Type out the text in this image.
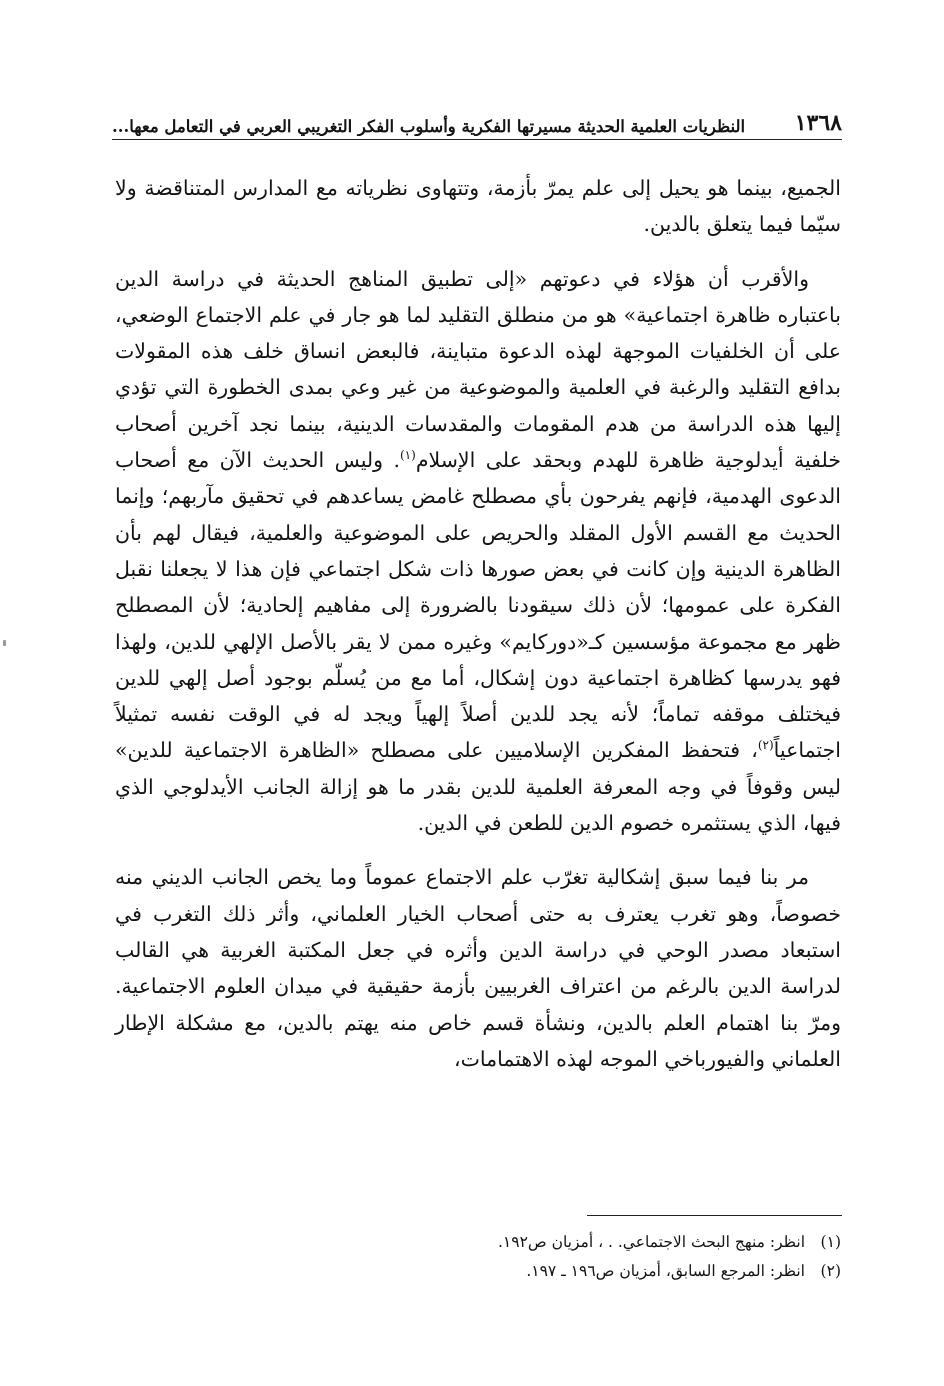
١٣٦٨
النظريات العلمية الحديثة مسيرتها الفكرية وأسلوب الفكر التغريبي العربي في التعامل معها...

الجميع، بينما هو يحيل إلى علم يمرّ بأزمة، وتتهاوى نظرياته مع المدارس المتناقضة ولا سيّما فيما يتعلق بالدين.

والأقرب أن هؤلاء في دعوتهم «إلى تطبيق المناهج الحديثة في دراسة الدين باعتباره ظاهرة اجتماعية» هو من منطلق التقليد لما هو جار في علم الاجتماع الوضعي، على أن الخلفيات الموجهة لهذه الدعوة متباينة، فالبعض انساق خلف هذه المقولات بدافع التقليد والرغبة في العلمية والموضوعية من غير وعي بمدى الخطورة التي تؤدي إليها هذه الدراسة من هدم المقومات والمقدسات الدينية، بينما نجد آخرين أصحاب خلفية أيدلوجية ظاهرة للهدم وبحقد على الإسلام$^{(١)}$. وليس الحديث الآن مع أصحاب الدعوى الهدمية، فإنهم يفرحون بأي مصطلح غامض يساعدهم في تحقيق مآربهم؛ وإنما الحديث مع القسم الأول المقلد والحريص على الموضوعية والعلمية، فيقال لهم بأن الظاهرة الدينية وإن كانت في بعض صورها ذات شكل اجتماعي فإن هذا لا يجعلنا نقبل الفكرة على عمومها؛ لأن ذلك سيقودنا بالضرورة إلى مفاهيم إلحادية؛ لأن المصطلح ظهر مع مجموعة مؤسسين كـ«دوركايم» وغيره ممن لا يقر بالأصل الإلهي للدين، ولهذا فهو يدرسها كظاهرة اجتماعية دون إشكال، أما مع من يُسلّم بوجود أصل إلهي للدين فيختلف موقفه تماماً؛ لأنه يجد للدين أصلاً إلهياً ويجد له في الوقت نفسه تمثيلاً اجتماعياً$^{(٢)}$، فتحفظ المفكرين الإسلاميين على مصطلح «الظاهرة الاجتماعية للدين» ليس وقوفاً في وجه المعرفة العلمية للدين بقدر ما هو إزالة الجانب الأيدلوجي الذي فيها، الذي يستثمره خصوم الدين للطعن في الدين.

مر بنا فيما سبق إشكالية تغرّب علم الاجتماع عموماً وما يخص الجانب الديني منه خصوصاً، وهو تغرب يعترف به حتى أصحاب الخيار العلماني، وأثر ذلك التغرب في استبعاد مصدر الوحي في دراسة الدين وأثره في جعل المكتبة الغربية هي القالب لدراسة الدين بالرغم من اعتراف الغربيين بأزمة حقيقية في ميدان العلوم الاجتماعية. ومرّ بنا اهتمام العلم بالدين، ونشأة قسم خاص منه يهتم بالدين، مع مشكلة الإطار العلماني والفيورباخي الموجه لهذه الاهتمامات،

(١)انظر: منهج البحث الاجتماعي. . ، أمزيان ص١٩٢.
(٢)انظر: المرجع السابق، أمزيان ص١٩٦ ـ ١٩٧.
